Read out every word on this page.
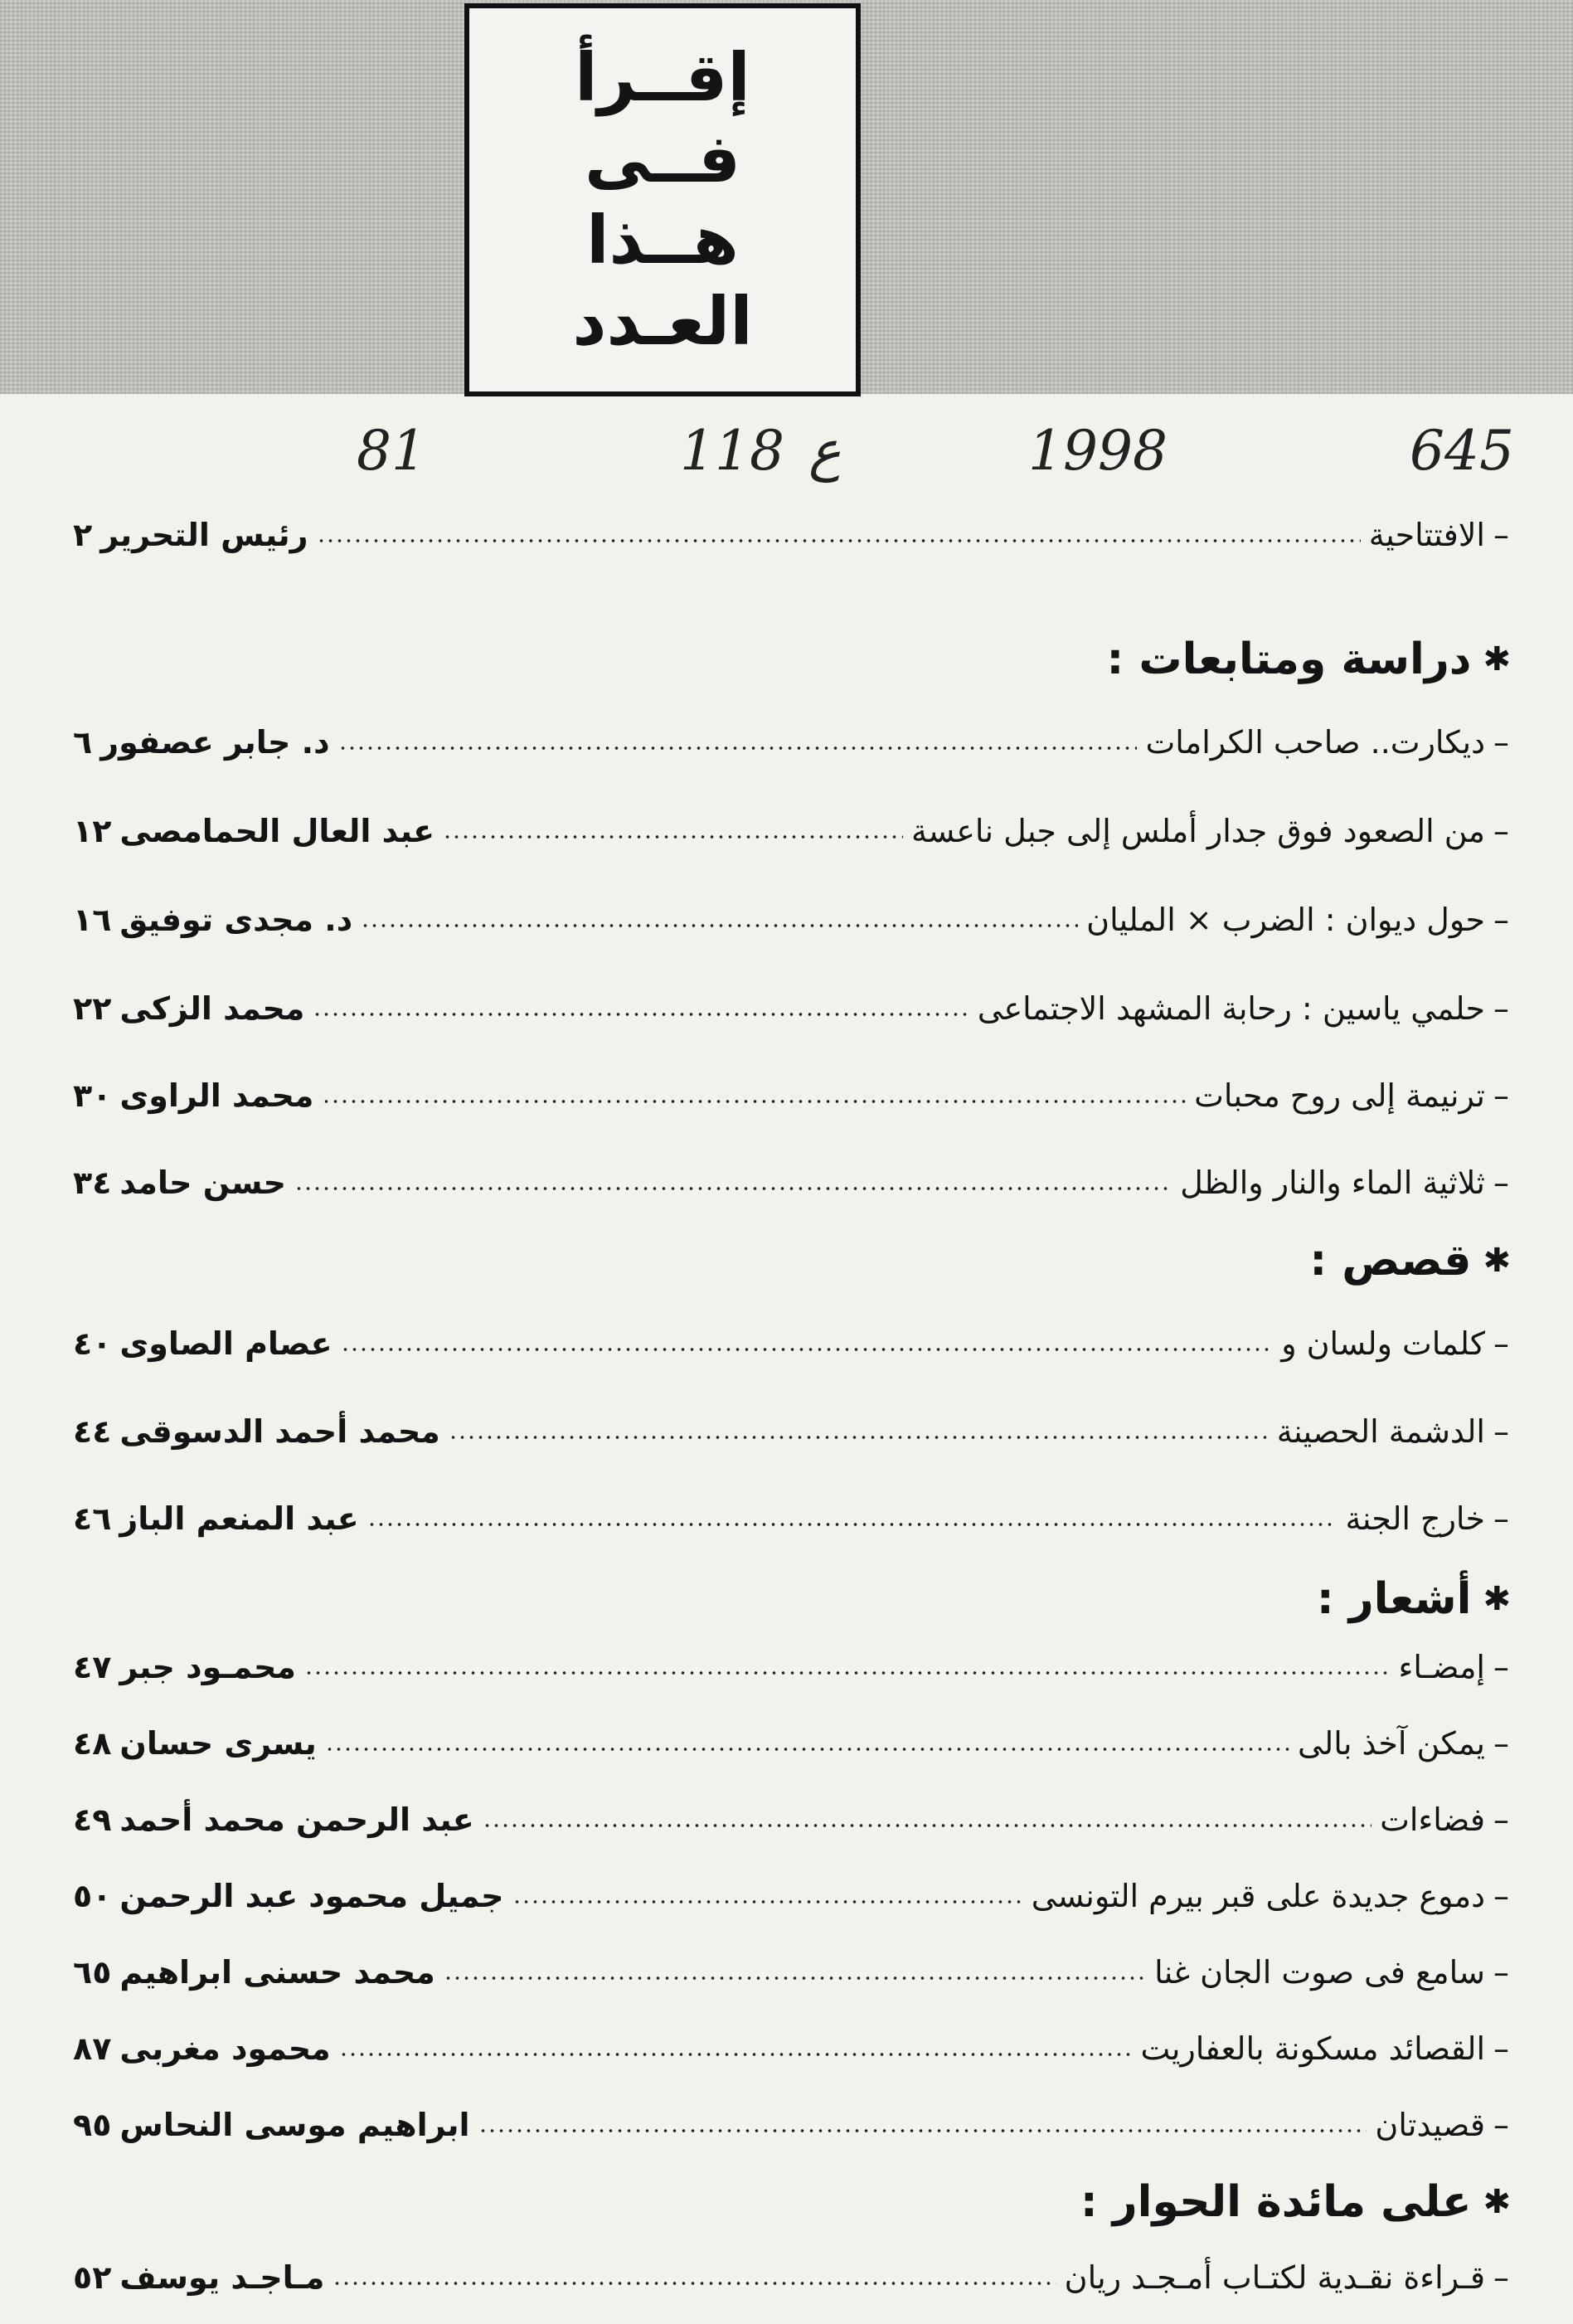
إقــرأ
فــى
هــذا
العـدد
645
1998
ع
118
81
–
الافتتاحية
رئيس التحرير
٢
✱
دراسة ومتابعات :
–
ديكارت.. صاحب الكرامات
د. جابر عصفور
٦
–
من الصعود فوق جدار أملس إلى جبل ناعسة
عبد العال الحمامصى
١٢
–
حول ديوان : الضرب × المليان
د. مجدى توفيق
١٦
–
حلمي ياسين : رحابة المشهد الاجتماعى
محمد الزكى
٢٢
–
ترنيمة إلى روح محبات
محمد الراوى
٣٠
–
ثلاثية الماء والنار والظل
حسن حامد
٣٤
✱
قصص :
–
كلمات ولسان و
عصام الصاوى
٤٠
–
الدشمة الحصينة
محمد أحمد الدسوقى
٤٤
–
خارج الجنة
عبد المنعم الباز
٤٦
✱
أشعار :
–
إمضـاء
محمـود جبر
٤٧
–
يمكن آخذ بالى
يسرى حسان
٤٨
–
فضاءات
عبد الرحمن محمد أحمد
٤٩
–
دموع جديدة على قبر بيرم التونسى
جميل محمود عبد الرحمن
٥٠
–
سامع فى صوت الجان غنا
محمد حسنى ابراهيم
٦٥
–
القصائد مسكونة بالعفاريت
محمود مغربى
٨٧
–
قصيدتان
ابراهيم موسى النحاس
٩٥
✱
على مائدة الحوار :
–
قـراءة نقـدية لكتـاب أمـجـد ريان
مـاجـد يوسف
٥٢
